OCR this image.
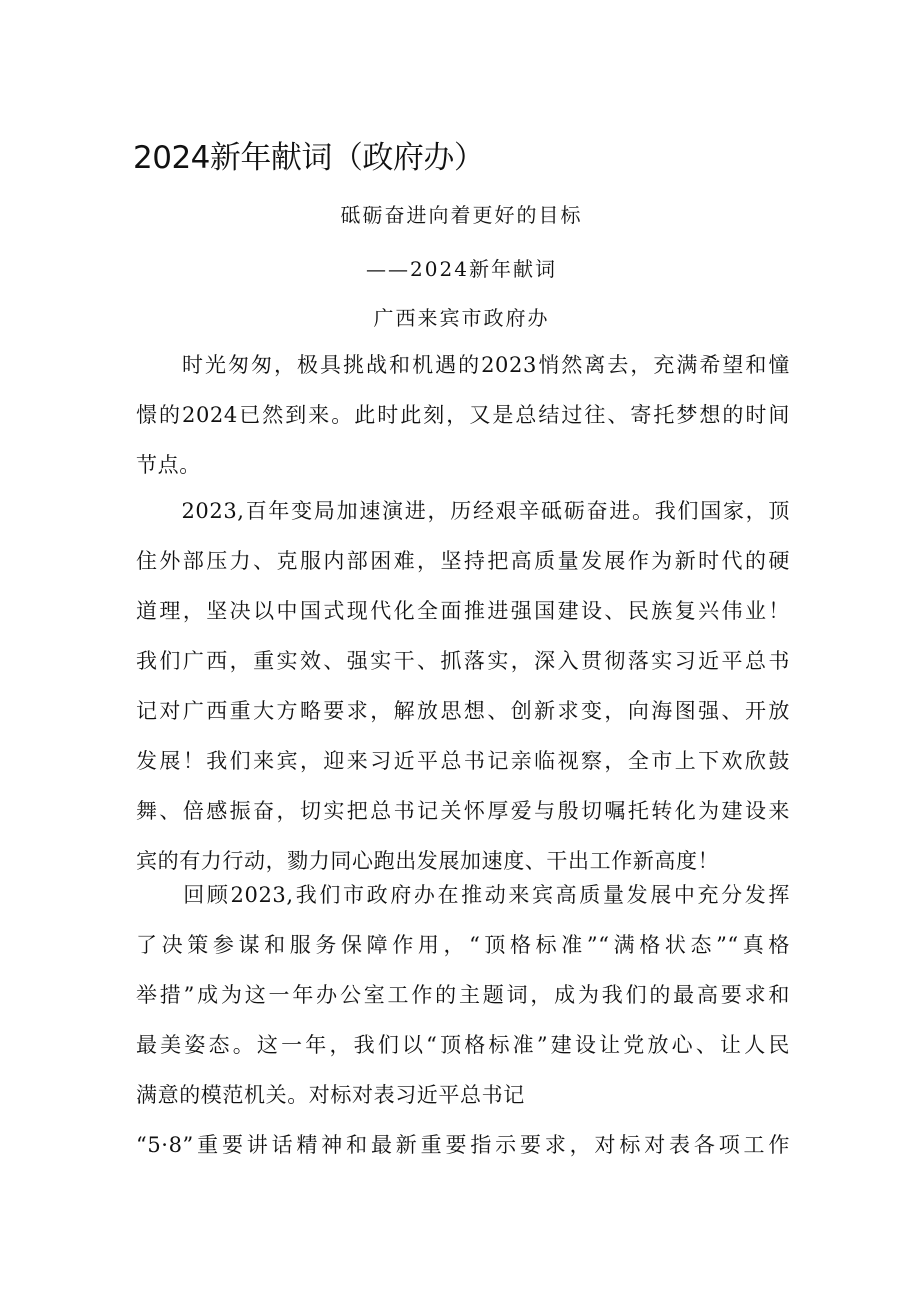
2024新年献词（政府办）
砥砺奋进向着更好的目标
——2024新年献词
广西来宾市政府办
　　时光匆匆，极具挑战和机遇的2023悄然离去，充满希望和憧
憬的2024已然到来。此时此刻，又是总结过往、寄托梦想的时间
节点。
　　2023,百年变局加速演进，历经艰辛砥砺奋进。我们国家，顶
住外部压力、克服内部困难，坚持把高质量发展作为新时代的硬
道理，坚决以中国式现代化全面推进强国建设、民族复兴伟业！
我们广西，重实效、强实干、抓落实，深入贯彻落实习近平总书
记对广西重大方略要求，解放思想、创新求变，向海图强、开放
发展！我们来宾，迎来习近平总书记亲临视察，全市上下欢欣鼓
舞、倍感振奋，切实把总书记关怀厚爱与殷切嘱托转化为建设来
宾的有力行动，勠力同心跑出发展加速度、干出工作新高度！
　　回顾2023,我们市政府办在推动来宾高质量发展中充分发挥
了决策参谋和服务保障作用，“顶格标准”“满格状态”“真格
举措”成为这一年办公室工作的主题词，成为我们的最高要求和
最美姿态。这一年，我们以“顶格标准”建设让党放心、让人民
满意的模范机关。对标对表习近平总书记
“5·8”重要讲话精神和最新重要指示要求，对标对表各项工作
